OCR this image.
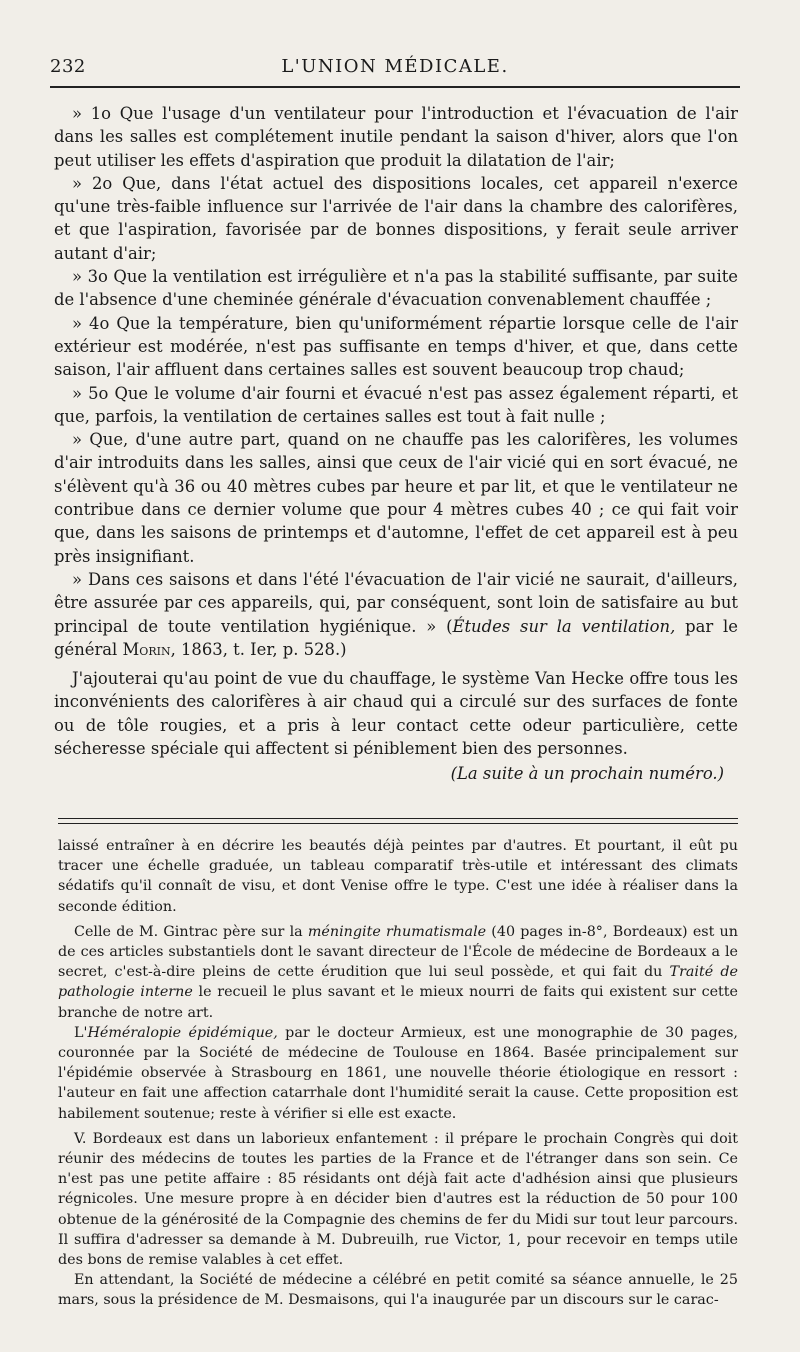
232	L'UNION MÉDICALE.

» 1o Que l'usage d'un ventilateur pour l'introduction et l'évacuation de l'air dans les salles est complétement inutile pendant la saison d'hiver, alors que l'on peut utiliser les effets d'aspiration que produit la dilatation de l'air;

» 2o Que, dans l'état actuel des dispositions locales, cet appareil n'exerce qu'une très-faible influence sur l'arrivée de l'air dans la chambre des calorifères, et que l'aspiration, favorisée par de bonnes dispositions, y ferait seule arriver autant d'air;

» 3o Que la ventilation est irrégulière et n'a pas la stabilité suffisante, par suite de l'absence d'une cheminée générale d'évacuation convenablement chauffée ;

» 4o Que la température, bien qu'uniformément répartie lorsque celle de l'air extérieur est modérée, n'est pas suffisante en temps d'hiver, et que, dans cette saison, l'air affluent dans certaines salles est souvent beaucoup trop chaud;

» 5o Que le volume d'air fourni et évacué n'est pas assez également réparti, et que, parfois, la ventilation de certaines salles est tout à fait nulle ;

» Que, d'une autre part, quand on ne chauffe pas les calorifères, les volumes d'air introduits dans les salles, ainsi que ceux de l'air vicié qui en sort évacué, ne s'élèvent qu'à 36 ou 40 mètres cubes par heure et par lit, et que le ventilateur ne contribue dans ce dernier volume que pour 4 mètres cubes 40 ; ce qui fait voir que, dans les saisons de printemps et d'automne, l'effet de cet appareil est à peu près insignifiant.

» Dans ces saisons et dans l'été l'évacuation de l'air vicié ne saurait, d'ailleurs, être assurée par ces appareils, qui, par conséquent, sont loin de satisfaire au but principal de toute ventilation hygiénique. » (Études sur la ventilation, par le général Morin, 1863, t. Ier, p. 528.)

J'ajouterai qu'au point de vue du chauffage, le système Van Hecke offre tous les inconvénients des calorifères à air chaud qui a circulé sur des surfaces de fonte ou de tôle rougies, et a pris à leur contact cette odeur particulière, cette sécheresse spéciale qui affectent si péniblement bien des personnes.

(La suite à un prochain numéro.)

laissé entraîner à en décrire les beautés déjà peintes par d'autres. Et pourtant, il eût pu tracer une échelle graduée, un tableau comparatif très-utile et intéressant des climats sédatifs qu'il connaît de visu, et dont Venise offre le type. C'est une idée à réaliser dans la seconde édition.

Celle de M. Gintrac père sur la méningite rhumatismale (40 pages in-8°, Bordeaux) est un de ces articles substantiels dont le savant directeur de l'École de médecine de Bordeaux a le secret, c'est-à-dire pleins de cette érudition que lui seul possède, et qui fait du Traité de pathologie interne le recueil le plus savant et le mieux nourri de faits qui existent sur cette branche de notre art.

L'Héméralopie épidémique, par le docteur Armieux, est une monographie de 30 pages, couronnée par la Société de médecine de Toulouse en 1864. Basée principalement sur l'épidémie observée à Strasbourg en 1861, une nouvelle théorie étiologique en ressort : l'auteur en fait une affection catarrhale dont l'humidité serait la cause. Cette proposition est habilement soutenue; reste à vérifier si elle est exacte.

V. Bordeaux est dans un laborieux enfantement : il prépare le prochain Congrès qui doit réunir des médecins de toutes les parties de la France et de l'étranger dans son sein. Ce n'est pas une petite affaire : 85 résidants ont déjà fait acte d'adhésion ainsi que plusieurs régnicoles. Une mesure propre à en décider bien d'autres est la réduction de 50 pour 100 obtenue de la générosité de la Compagnie des chemins de fer du Midi sur tout leur parcours. Il suffira d'adresser sa demande à M. Dubreuilh, rue Victor, 1, pour recevoir en temps utile des bons de remise valables à cet effet.

En attendant, la Société de médecine a célébré en petit comité sa séance annuelle, le 25 mars, sous la présidence de M. Desmaisons, qui l'a inaugurée par un discours sur le carac-
